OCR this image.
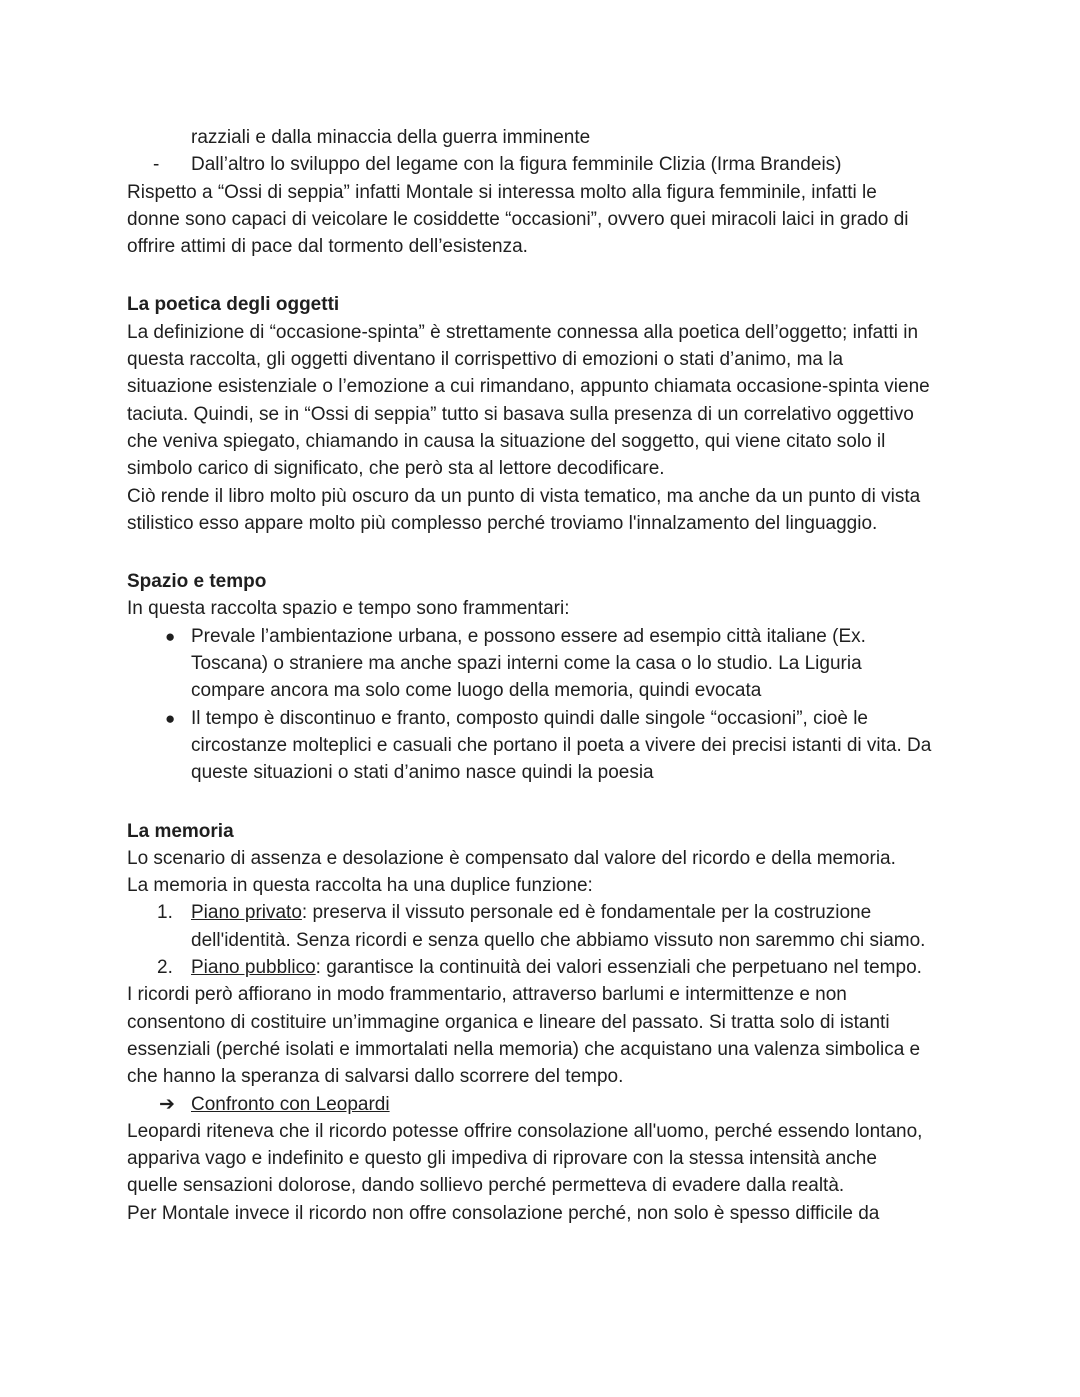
razziali e dalla minaccia della guerra imminente
-	Dall’altro lo sviluppo del legame con la figura femminile Clizia (Irma Brandeis)
Rispetto a “Ossi di seppia” infatti Montale si interessa molto alla figura femminile, infatti le
donne sono capaci di veicolare le cosiddette “occasioni”, ovvero quei miracoli laici in grado di
offrire attimi di pace dal tormento dell’esistenza.
La poetica degli oggetti
La definizione di “occasione-spinta” è strettamente connessa alla poetica dell’oggetto; infatti in
questa raccolta, gli oggetti diventano il corrispettivo di emozioni o stati d’animo, ma la
situazione esistenziale o l’emozione a cui rimandano, appunto chiamata occasione-spinta viene
taciuta. Quindi, se in “Ossi di seppia” tutto si basava sulla presenza di un correlativo oggettivo
che veniva spiegato, chiamando in causa la situazione del soggetto, qui viene citato solo il
simbolo carico di significato, che però sta al lettore decodificare.
Ciò rende il libro molto più oscuro da un punto di vista tematico, ma anche da un punto di vista
stilistico esso appare molto più complesso perché troviamo l'innalzamento del linguaggio.
Spazio e tempo
In questa raccolta spazio e tempo sono frammentari:
● Prevale l’ambientazione urbana, e possono essere ad esempio città italiane (Ex.
Toscana) o straniere ma anche spazi interni come la casa o lo studio. La Liguria
compare ancora ma solo come luogo della memoria, quindi evocata
● Il tempo è discontinuo e franto, composto quindi dalle singole “occasioni”, cioè le
circostanze molteplici e casuali che portano il poeta a vivere dei precisi istanti di vita. Da
queste situazioni o stati d’animo nasce quindi la poesia
La memoria
Lo scenario di assenza e desolazione è compensato dal valore del ricordo e della memoria.
La memoria in questa raccolta ha una duplice funzione:
1. Piano privato: preserva il vissuto personale ed è fondamentale per la costruzione
dell'identità. Senza ricordi e senza quello che abbiamo vissuto non saremmo chi siamo.
2. Piano pubblico: garantisce la continuità dei valori essenziali che perpetuano nel tempo.
I ricordi però affiorano in modo frammentario, attraverso barlumi e intermittenze e non
consentono di costituire un’immagine organica e lineare del passato. Si tratta solo di istanti
essenziali (perché isolati e immortalati nella memoria) che acquistano una valenza simbolica e
che hanno la speranza di salvarsi dallo scorrere del tempo.
➔ Confronto con Leopardi
Leopardi riteneva che il ricordo potesse offrire consolazione all'uomo, perché essendo lontano,
appariva vago e indefinito e questo gli impediva di riprovare con la stessa intensità anche
quelle sensazioni dolorose, dando sollievo perché permetteva di evadere dalla realtà.
Per Montale invece il ricordo non offre consolazione perché, non solo è spesso difficile da
